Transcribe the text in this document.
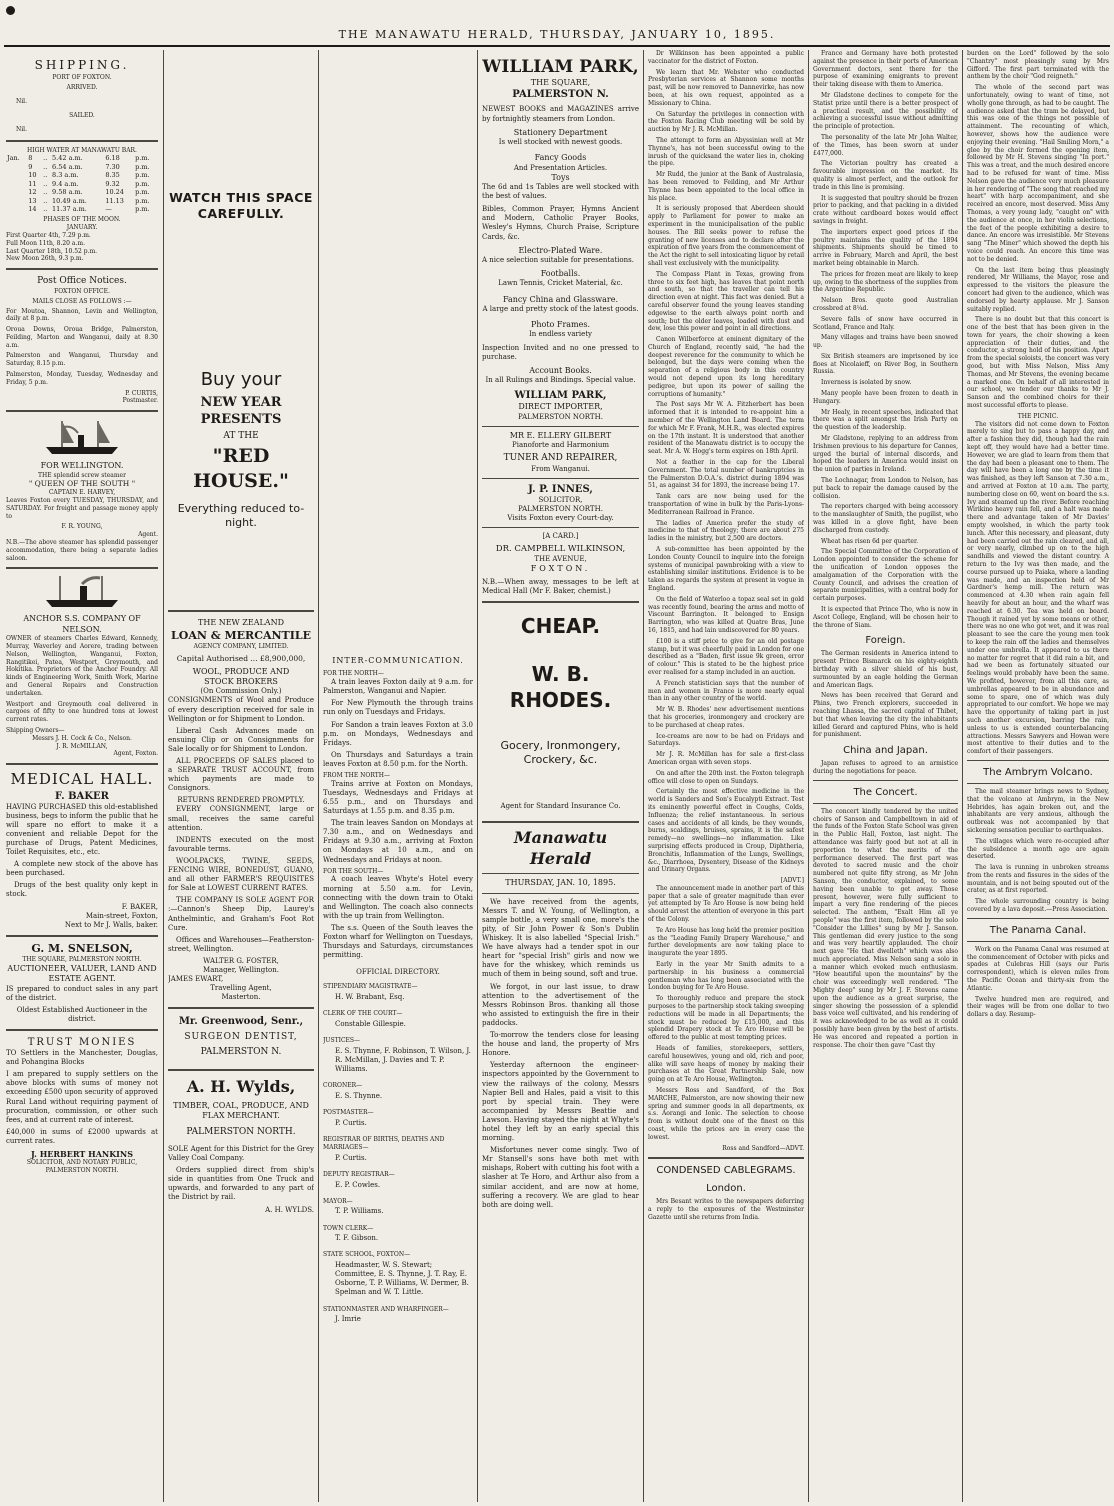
THE MANAWATU HERALD, THURSDAY, JANUARY 10, 1895.
SHIPPING.
PORT OF FOXTON.
ARRIVED.
Nil.
SAILED.
Nil.
HIGH WATER AT MANAWATU BAR.
Jan.	8	..	5.42 a.m.	6.18	p.m.
	9	..	6.54 a.m.	7.30	p.m.
	10	..	8.3 a.m.	8.35	p.m.
	11	..	9.4 a.m.	9.32	p.m.
	12	..	9.58 a.m.	10.24	p.m.
	13	..	10.49 a.m.	11.13	p.m.
	14	..	11.37 a.m.	—	p.m.
PHASES OF THE MOON.
JANUARY.
First Quarter 4th, 7.29 p.m.
Full Moon 11th, 8.20 a.m.
Last Quarter 18th, 10.52 p.m.
New Moon 26th, 9.3 p.m.
Post Office Notices.
FOXTON OFFICE.
MAILS CLOSE AS FOLLOWS :—

For Moutoa, Shannon, Levin and Wellington, daily at 8 p.m.

Oroua Downs, Oroua Bridge, Palmerston, Feilding, Marton and Wanganui, daily at 8.30 a.m.

Palmerston and Wanganui, Thursday and Saturday, 8.15 p.m.

Palmerston, Monday, Tuesday, Wednesday and Friday, 5 p.m.

P. CURTIS,
Postmaster.
FOR WELLINGTON.
THE splendid screw steamer
" QUEEN OF THE SOUTH "
CAPTAIN E. HARVEY,

Leaves Foxton every TUESDAY, THURSDAY, and SATURDAY. For freight and passage money apply to

F. R. YOUNG,
Agent.

N.B.—The above steamer has splendid passenger accommodation, there being a separate ladies saloon.

ANCHOR S.S. COMPANY OF NELSON.

OWNER of steamers Charles Edward, Kennedy, Murray, Waverley and Aorere, trading between Nelson, Wellington, Wanganui, Foxton, Rangitikei, Patea, Westport, Greymouth, and Hokitika. Proprietors of the Anchor Foundry. All kinds of Engineering Work, Smith Work, Marine and General Repairs and Construction undertaken.

Westport and Greymouth coal delivered in cargoes of fifty to one hundred tons at lowest current rates.

Shipping Owners—
Messrs J. H. Cock & Co., Nelson.
J. R. McMILLAN,
Agent, Foxton.
MEDICAL HALL.
F. BAKER

HAVING PURCHASED this old-established business, begs to inform the public that he will spare no effort to make it a convenient and reliable Depot for the purchase of Drugs, Patent Medicines, Toilet Requisites, etc., etc.

A complete new stock of the above has been purchased.

Drugs of the best quality only kept in stock.

F. BAKER,
Main-street, Foxton,
Next to Mr J. Walls, baker.
G. M. SNELSON,
THE SQUARE, PALMERSTON NORTH.
AUCTIONEER, VALUER, LAND AND ESTATE AGENT.

IS prepared to conduct sales in any part of the district.

Oldest Established Auctioneer in the district.
TRUST MONIES

TO Settlers in the Manchester, Douglas, and Pohangina Blocks

I am prepared to supply settlers on the above blocks with sums of money not exceeding £500 upon security of approved Rural Land without requiring payment of procuration, commission, or other such fees, and at current rate of interest.

£40,000 in sums of £2000 upwards at current rates.

J. HERBERT HANKINS
SOLICITOR, AND NOTARY PUBLIC,
PALMERSTON NORTH.
WATCH THIS SPACE CAREFULLY.
Buy your
NEW YEAR PRESENTS
AT THE
"RED HOUSE."
Everything reduced to-night.
THE NEW ZEALAND
LOAN & MERCANTILE
AGENCY COMPANY, LIMITED.
Capital Authorised ... £8,900,000,
WOOL, PRODUCE AND
STOCK BROKERS
(On Commission Only.)

CONSIGNMENTS of Wool and Produce of every description received for sale in Wellington or for Shipment to London.

Liberal Cash Advances made on ensuing Clip or on Consignments for Sale locally or for Shipment to London.

ALL PROCEEDS OF SALES placed to a SEPARATE TRUST ACCOUNT, from which payments are made to Consignors.

RETURNS RENDERED PROMPTLY.

EVERY CONSIGNMENT, large or small, receives the same careful attention.

INDENTS executed on the most favourable terms.

WOOLPACKS, TWINE, SEEDS, FENCING WIRE, BONEDUST, GUANO, and all other FARMER'S REQUISITES for Sale at LOWEST CURRENT RATES.

THE COMPANY IS SOLE AGENT FOR :—Cannon's Sheep Dip, Laurey's Anthelmintic, and Graham's Foot Rot Cure.

Offices and Warehouses—Featherston-street, Wellington.

WALTER G. FOSTER,
Manager, Wellington.
JAMES EWART,
Travelling Agent,
Masterton.
Mr. Greenwood, Senr.,
SURGEON DENTIST,
PALMERSTON N.
A. H. Wylds,
TIMBER, COAL, PRODUCE, AND FLAX MERCHANT.
PALMERSTON NORTH.

SOLE Agent for this District for the Grey Valley Coal Company.

Orders supplied direct from ship's side in quantities from One Truck and upwards, and forwarded to any part of the District by rail.

A. H. WYLDS.
INTER-COMMUNICATION.
FOR THE NORTH—

A train leaves Foxton daily at 9 a.m. for Palmerston, Wanganui and Napier.

For New Plymouth the through trains run only on Tuesdays and Fridays.

For Sandon a train leaves Foxton at 3.0 p.m. on Mondays, Wednesdays and Fridays.

On Thursdays and Saturdays a train leaves Foxton at 8.50 p.m. for the North.

FROM THE NORTH—

Trains arrive at Foxton on Mondays, Tuesdays, Wednesdays and Fridays at 6.55 p.m., and on Thursdays and Saturdays at 1.55 p.m. and 8.35 p.m.

The train leaves Sandon on Mondays at 7.30 a.m., and on Wednesdays and Fridays at 9.30 a.m., arriving at Foxton on Mondays at 10 a.m., and on Wednesdays and Fridays at noon.

FOR THE SOUTH—

A coach leaves Whyte's Hotel every morning at 5.50 a.m. for Levin, connecting with the down train to Otaki and Wellington. The coach also connects with the up train from Wellington.

The s.s. Queen of the South leaves the Foxton wharf for Wellington on Tuesdays, Thursdays and Saturdays, circumstances permitting.

OFFICIAL DIRECTORY.
STIPENDIARY MAGISTRATE—
H. W. Brabant, Esq.
CLERK OF THE COURT—
Constable Gillespie.
JUSTICES—
E. S. Thynne, F. Robinson, T. Wilson, J. R. McMillan, J. Davies and T. P. Williams.
CORONER—
E. S. Thynne.
POSTMASTER—
P. Curtis.
REGISTRAR OF BIRTHS, DEATHS AND MARRIAGES—
P. Curtis.
DEPUTY REGISTRAR—
E. P. Cowles.
MAYOR—
T. P. Williams.
TOWN CLERK—
T. F. Gibson.
STATE SCHOOL, FOXTON—
Headmaster, W. S. Stewart; Committee, E. S. Thynne, J. T. Ray, E. Osborne, T. P. Williams, W. Dermer, B. Spelman and W. T. Little.
STATIONMASTER AND WHARFINGER—
J. Imrie
WILLIAM PARK,
THE SQUARE,
PALMERSTON N.

NEWEST BOOKS and MAGAZINES arrive by fortnightly steamers from London.

Stationery Department
Is well stocked with newest goods.
Fancy Goods
And Presentation Articles.
Toys

The 6d and 1s Tables are well stocked with the best of values.

Bibles, Common Prayer, Hymns Ancient and Modern, Catholic Prayer Books, Wesley's Hymns, Church Praise, Scripture Cards, &c.

Electro-Plated Ware.

A nice selection suitable for presentations.

Footballs.
Lawn Tennis, Cricket Material, &c.
Fancy China and Glassware.
A large and pretty stock of the latest goods.
Photo Frames.
In endless variety

Inspection Invited and no one pressed to purchase.

Account Books.
In all Rulings and Bindings. Special value.
WILLIAM PARK,
DIRECT IMPORTER,
PALMERSTON NORTH.
MR E. ELLERY GILBERT
Pianoforte and Harmonium
TUNER AND REPAIRER,
From Wanganui.
J. P. INNES,
SOLICITOR,
PALMERSTON NORTH.
Visits Foxton every Court-day.
[A CARD.]
DR. CAMPBELL WILKINSON,
THE AVENUE,
FOXTON.

N.B.—When away, messages to be left at Medical Hall (Mr F. Baker, chemist.)

CHEAP.
W. B. RHODES.
Gocery, Ironmongery, Crockery, &c.
Agent for Standard Insurance Co.
Manawatu Herald
THURSDAY, JAN. 10, 1895.

We have received from the agents, Messrs T. and W. Young, of Wellington, a sample bottle, a very small one, more's the pity, of Sir John Power & Son's Dublin Whiskey. It is also labelled "Special Irish." We have always had a tender spot in our heart for "special Irish" girls and now we have for the whiskey, which reminds us much of them in being sound, soft and true.

We forgot, in our last issue, to draw attention to the advertisement of the Messrs Robinson Bros. thanking all those who assisted to extinguish the fire in their paddocks.

To-morrow the tenders close for leasing the house and land, the property of Mrs Honore.

Yesterday afternoon the engineer-inspectors appointed by the Government to view the railways of the colony, Messrs Napier Bell and Hales, paid a visit to this port by special train. They were accompanied by Messrs Beattie and Lawson. Having stayed the night at Whyte's hotel they left by an early special this morning.

Misfortunes never come singly. Two of Mr Stansell's sons have both met with mishaps, Robert with cutting his foot with a slasher at Te Horo, and Arthur also from a similar accident, and are now at home, suffering a recovery. We are glad to hear both are doing well.

Dr Wilkinson has been appointed a public vaccinator for the district of Foxton.

We learn that Mr. Webster who conducted Presbyterian services at Shannon some months past, will be now removed to Dannevirke, has now been, at his own request, appointed as a Missionary to China.

On Saturday the privileges in connection with the Foxton Racing Club meeting will be sold by auction by Mr J. R. McMillan.

The attempt to form an Abyssinian well at Mr Thynne's, has not been successful owing to the inrush of the quicksand the water lies in, choking the pipe.

Mr Rudd, the junior at the Bank of Australasia, has been removed to Feilding, and Mr Arthur Thynne has been appointed to the local office in his place.

It is seriously proposed that Aberdeen should apply to Parliament for power to make an experiment in the municipalisation of the public houses. The Bill seeks power to refuse the granting of new licenses and to declare after the expiration of five years from the commencement of the Act the right to sell intoxicating liquor by retail shall vest exclusively with the municipality.

The Compass Plant in Texas, growing from three to six feet high, has leaves that point north and south, so that the traveller can tell his direction even at night. This fact was denied. But a careful observer found the young leaves standing edgewise to the earth always point north and south; but the older leaves, loaded with dust and dew, lose this power and point in all directions.

Canon Wilberforce at eminent dignitary of the Church of England, recently said, "he had the deepest reverence for the community to which he belonged, but the days were coming when the separation of a religious body in this country would not depend upon its long hereditary pedigree, but upon its power of sailing the corruptions of humanity."

The Post says Mr W. A. Fitzherbert has been informed that it is intended to re-appoint him a member of the Wellington Land Board. The term for which Mr F. Frank, M.H.R., was elected expires on the 17th instant. It is understood that another resident of the Manawatu district is to occupy the seat. Mr A. W. Hogg's term expires on 18th April.

Not a feather in the cap for the Liberal Government. The total number of bankruptcies in the Palmerston D.O.A.'s. district during 1894 was 51, as against 34 for 1893, the increase being 17.

Tank cars are now being used for the transportation of wine in bulk by the Paris-Lyons-Mediterranean Railroad in France.

The ladies of America prefer the study of medicine to that of theology; there are about 275 ladies in the ministry, but 2,500 are doctors.

A sub-committee has been appointed by the London County Council to inquire into the foreign systems of municipal pawnbroking with a view to establishing similar institutions. Evidence is to be taken as regards the system at present in vogue in England.

On the field of Waterloo a topaz seal set in gold was recently found, bearing the arms and motto of Viscount Barrington. It belonged to Ensign Barrington, who was killed at Quatre Bras, June 16, 1815, and had lain undiscovered for 80 years.

£100 is a stiff price to give for an old postage stamp, but it was cheerfully paid in London for one described as a "Baden, first issue 9k green, error of colour." This is stated to be the highest price ever realised for a stamp included in an auction.

A French statistician says that the number of men and women in France is more nearly equal than in any other country of the world.

Mr W. B. Rhodes' new advertisement mentions that his groceries, ironmongery and crockery are to be purchased at cheap rates.

Ice-creams are now to be had on Fridays and Saturdays.

Mr J. R. McMillan has for sale a first-class American organ with seven stops.

On and after the 20th inst. the Foxton telegraph office will close to open on Sundays.

Certainly the most effective medicine in the world is Sanders and Son's Eucalypti Extract. Test its eminently powerful effect in Coughs, Colds, Influenza; the relief instantaneous. In serious cases and accidents of all kinds, be they wounds, burns, scaldings, bruises, sprains, it is the safest remedy—no swellings—no inflammation. Like surprising effects produced in Croup, Diphtheria, Bronchitis, Inflammation of the Lungs, Swellings, &c., Diarrhoea, Dysentery, Disease of the Kidneys and Urinary Organs.

[ADVT.]

The announcement made in another part of this paper that a sale of greater magnitude than ever yet attempted by Te Aro House is now being held should arrest the attention of everyone in this part of the Colony.

Te Aro House has long held the premier position as the "Leading Family Drapery Warehouse," and further developments are now taking place to inaugurate the year 1895.

Early in the year Mr Smith admits to a partnership in his business a commercial gentleman who has long been associated with the London buying for Te Aro House.

To thoroughly reduce and prepare the stock purposes to the partnership stock taking sweeping reductions will be made in all Departments; the stock must be reduced by £15,000, and this splendid Drapery stock at Te Aro House will be offered to the public at most tempting prices.

Heads of families, storekeepers, settlers, careful housewives, young and old, rich and poor, alike will save heaps of money by making their purchases at the Great Partnership Sale, now going on at Te Aro House, Wellington.

Messrs Ross and Sandford, of the Box MARCHE, Palmerston, are now showing their new spring and summer goods in all departments, ex s.s. Aorangi and Ionic. The selection to choose from is without doubt one of the finest on this coast, while the prices are in every case the lowest.

Ross and Sandford—ADVT.
CONDENSED CABLEGRAMS.
London.

Mrs Besant writes to the newspapers deferring a reply to the exposures of the Westminster Gazette until she returns from India.

France and Germany have both protested against the presence in their ports of American Government doctors, sent there for the purpose of examining emigrants to prevent their taking disease with them to America.

Mr Gladstone declines to compete for the Statist prize until there is a better prospect of a practical result, and the possibility of achieving a successful issue without admitting the principle of protection.

The personality of the late Mr John Walter, of the Times, has been sworn at under £477,000.

The Victorian poultry has created a favourable impression on the market. Its quality is almost perfect, and the outlook for trade in this line is promising.

It is suggested that poultry should be frozen prior to packing, and that packing in a divided crate without cardboard boxes would effect savings in freight.

The importers expect good prices if the poultry maintains the quality of the 1894 shipments. Shipments should be timed to arrive in February, March and April, the best market being obtainable in March.

The prices for frozen meat are likely to keep up, owing to the shortness of the supplies from the Argentine Republic.

Nelson Bros. quote good Australian crossbred at 8¼d.

Severe falls of snow have occurred in Scotland, France and Italy.

Many villages and trains have been snowed up.

Six British steamers are imprisoned by ice floes at Nicolaieff, on River Bog, in Southern Russia.

Inverness is isolated by snow.

Many people have been frozen to death in Hungary.

Mr Healy, in recent speeches, indicated that there was a split amongst the Irish Party on the question of the leadership.

Mr Gladstone, replying to an address from Irishmen previous to his departure for Cannes, urged the burial of internal discords, and hoped the leaders in America would insist on the union of parties in Ireland.

The Lochnagar, from London to Nelson, has put back to repair the damage caused by the collision.

The reporters charged with being accessory to the manslaughter of Smith, the pugilist, who was killed in a glove fight, have been discharged from custody.

Wheat has risen 6d per quarter.

The Special Committee of the Corporation of London appointed to consider the scheme for the unification of London opposes the amalgamation of the Corporation with the County Council, and advises the creation of separate municipalities, with a central body for certain purposes.

It is expected that Prince Tho, who is now in Ascot College, England, will be chosen heir to the throne of Siam.

Foreign.

The German residents in America intend to present Prince Bismarck on his eighty-eighth birthday with a silver shield of his bust, surmounted by an eagle holding the German and American flags.

News has been received that Gerard and Phins, two French explorers, succeeded in reaching Lhassa, the sacred capital of Thibet, but that when leaving the city the inhabitants killed Gerard and captured Phins, who is held for punishment.

China and Japan.

Japan refuses to agreed to an armistice during the negotiations for peace.

The Concert.

The concert kindly tendered by the united choirs of Sanson and Campbelltown in aid of the funds of the Foxton State School was given in the Public Hall, Foxton, last night. The attendance was fairly good but not at all in proportion to what the merits of the performance deserved. The first part was devoted to sacred music and the choir numbered not quite fifty strong, as Mr John Sanson, the conductor, explained, to some having been unable to get away. Those present, however, were fully sufficient to impart a very fine rendering of the pieces selected. The anthem, "Exalt Him all ye people" was the first item, followed by the solo "Consider the Lillies" sung by Mr J. Sanson. This gentleman did every justice to the song and was very heartily applauded. The choir next gave "He that dwelleth" which was also much appreciated. Miss Nelson sang a solo in a manner which evoked much enthusiasm. "How beautiful upon the mountains" by the choir was exceedingly well rendered. "The Mighty deep" sung by Mr J. F. Stevens came upon the audience as a great surprise, the singer showing the possession of a splendid bass voice well cultivated, and his rendering of it was acknowledged to be as well as it could possibly have been given by the best of artists. He was encored and repeated a portion in response. The choir then gave "Cast thy

burden on the Lord" followed by the solo "Chantry" most pleasingly sung by Mrs Gifford. The first part terminated with the anthem by the choir "God reigneth."

The whole of the second part was unfortunately, owing to want of time, not wholly gone through, as had to be caught. The audience asked that the tram be delayed, but this was one of the things not possible of attainment. The recounting of which, however, shows how the audience were enjoying their evening. "Hail Smiling Morn," a glee by the choir formed the opening item, followed by Mr H. Stevens singing "In port." This was a treat, and the much desired encore had to be refused for want of time. Miss Nelson gave the audience very much pleasure in her rendering of "The song that reached my heart" with harp accompaniment, and she received an encore, most deserved. Miss Amy Thomas, a very young lady, "caught on" with the audience at once, in her violin selections, the feet of the people exhibiting a desire to dance. An encore was irresistible. Mr Stevens sang "The Miner" which showed the depth his voice could reach. An encore this time was not to be denied.

On the last item being thus pleasingly rendered, Mr Williams, the Mayor, rose and expressed to the visitors the pleasure the concert had given to the audience, which was endorsed by hearty applause. Mr J. Sanson suitably replied.

There is no doubt but that this concert is one of the best that has been given in the town for years, the choir showing a keen appreciation of their duties, and the conductor, a strong hold of his position. Apart from the special soloists, the concert was very good, but with Miss Nelson, Miss Amy Thomas, and Mr Stevens, the evening became a marked one. On behalf of all interested in our school, we tender our thanks to Mr J. Sanson and the combined choirs for their most successful efforts to please.

THE PICNIC.

The visitors did not come down to Foxton merely to sing but to pass a happy day, and after a fashion they did, though had the rain kept off, they would have had a better time. However, we are glad to learn from them that the day had been a pleasant one to them. The day will have been a long one by the time it was finished, as they left Sanson at 7.30 a.m., and arrived at Foxton at 10 a.m. The party, numbering close on 60, went on board the s.s. Ivy and steamed up the river. Before reaching Wirikino heavy rain fell, and a halt was made there and advantage taken of Mr Davies' empty woolshed, in which the party took lunch. After this necessary, and pleasant, duty had been carried out the rain cleared, and all, or very nearly, climbed up on to the high sandhills and viewed the distant country. A return to the Ivy was then made, and the course pursued up to Paiaka, where a landing was made, and an inspection held of Mr Gardner's hemp mill. The return was commenced at 4.30 when rain again fell heavily for about an hour, and the wharf was reached at 6.30. Tea was held on board. Though it rained yet by some means or other, there was no one who got wet, and it was real pleasant to see the care the young men took to keep the rain off the ladies and themselves under one umbrella. It appeared to us there no matter for regret that it did rain a bit, and had we been as fortunately situated our feelings would probably have been the same. We profited, however, from all this care, as umbrellas appeared to be in abundance and some to spare, one of which was duly appropriated to our comfort. We hope we may have the opportunity of taking part in just such another excursion, barring the rain, unless to us is extended counterbalancing attractions. Messrs Sawyers and Howan were most attentive to their duties and to the comfort of their passengers.

The Ambrym Volcano.

The mail steamer brings news to Sydney, that the volcano at Ambrym, in the New Hebrides, has again broken out, and the inhabitants are very anxious, although the outbreak was not accompanied by that sickening sensation peculiar to earthquakes.

The villages which were re-occupied after the subsidence a month ago are again deserted.

The lava is running in unbroken streams from the rents and fissures in the sides of the mountain, and is not being spouted out of the crater, as at first reported.

The whole surrounding country is being covered by a lava deposit.—Press Association.

The Panama Canal.

Work on the Panama Canal was resumed at the commencement of October with picks and spades at Culebras Hill (says our Paris correspondent), which is eleven miles from the Pacific Ocean and thirty-six from the Atlantic.

Twelve hundred men are required, and their wages will be from one dollar to two dollars a day. Resump-
